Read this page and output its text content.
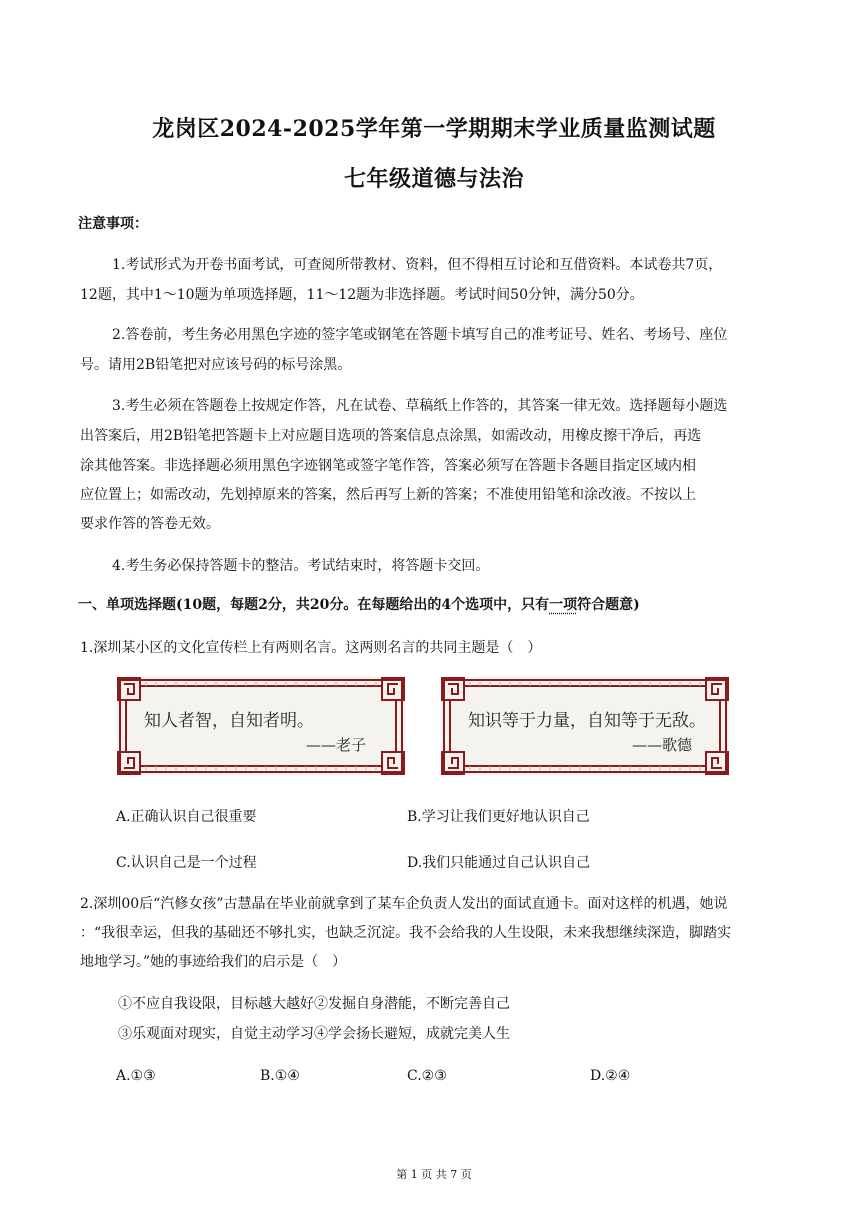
龙岗区2024-2025学年第一学期期末学业质量监测试题
七年级道德与法治
注意事项：
1.考试形式为开卷书面考试，可查阅所带教材、资料，但不得相互讨论和互借资料。本试卷共7页，
12题，其中1～10题为单项选择题，11～12题为非选择题。考试时间50分钟，满分50分。
2.答卷前，考生务必用黑色字迹的签字笔或钢笔在答题卡填写自己的准考证号、姓名、考场号、座位
号。请用2B铅笔把对应该号码的标号涂黑。
3.考生必须在答题卷上按规定作答，凡在试卷、草稿纸上作答的，其答案一律无效。选择题每小题选
出答案后，用2B铅笔把答题卡上对应题目选项的答案信息点涂黑，如需改动，用橡皮擦干净后，再选
涂其他答案。非选择题必须用黑色字迹钢笔或签字笔作答，答案必须写在答题卡各题目指定区域内相
应位置上；如需改动，先划掉原来的答案，然后再写上新的答案；不准使用铅笔和涂改液。不按以上
要求作答的答卷无效。
4.考生务必保持答题卡的整洁。考试结束时，将答题卡交回。
一、单项选择题(10题，每题2分，共20分。在每题给出的4个选项中，只有一项符合题意)
1.深圳某小区的文化宣传栏上有两则名言。这两则名言的共同主题是（　）
知人者智，自知者明。
——老子
知识等于力量，自知等于无敌。
——歌德
A.正确认识自己很重要	B.学习让我们更好地认识自己
C.认识自己是一个过程	D.我们只能通过自己认识自己
2.深圳00后“汽修女孩”古慧晶在毕业前就拿到了某车企负责人发出的面试直通卡。面对这样的机遇，她说
：“我很幸运，但我的基础还不够扎实，也缺乏沉淀。我不会给我的人生设限，未来我想继续深造，脚踏实
地地学习。”她的事迹给我们的启示是（　）
①不应自我设限，目标越大越好②发掘自身潜能，不断完善自己
③乐观面对现实，自觉主动学习④学会扬长避短，成就完美人生
A.①③	B.①④	C.②③	D.②④
第 1 页 共 7 页
